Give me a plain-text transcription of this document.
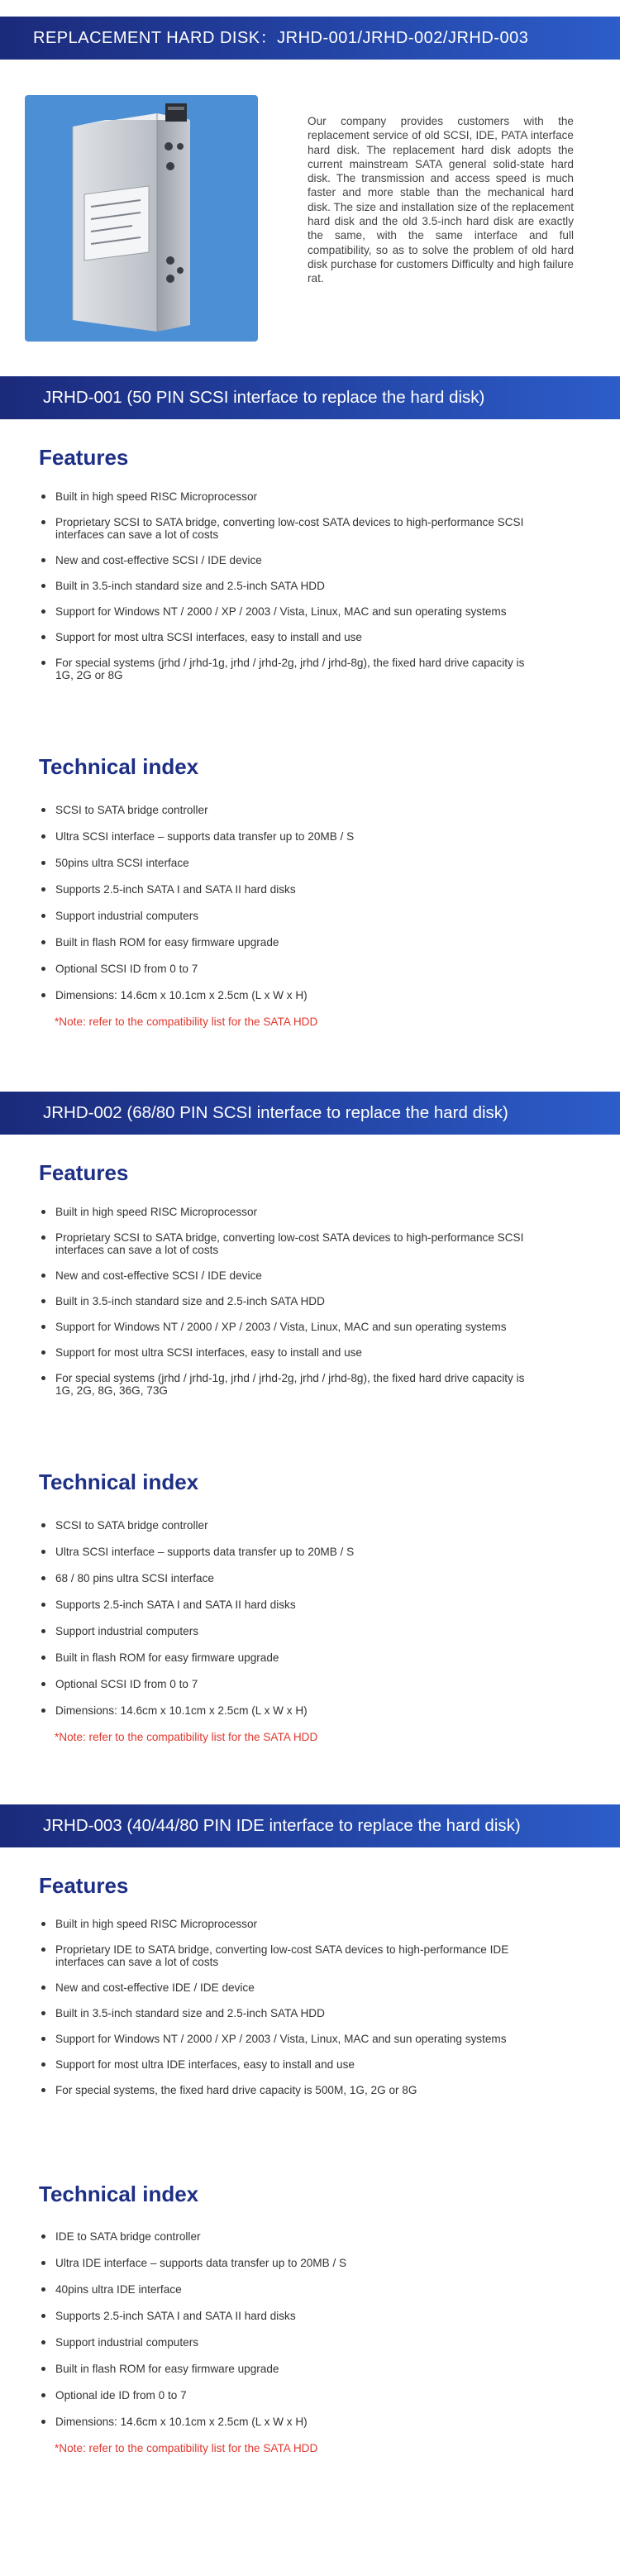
REPLACEMENT HARD DISK：JRHD-001/JRHD-002/JRHD-003

Our company provides customers with the replacement service of old SCSI, IDE, PATA interface hard disk. The replacement hard disk adopts the current mainstream SATA general solid-state hard disk. The transmission and access speed is much faster and more stable than the mechanical hard disk. The size and installation size of the replacement hard disk and the old 3.5-inch hard disk are exactly the same, with the same interface and full compatibility, so as to solve the problem of old hard disk purchase for customers Difficulty and high failure rat.

JRHD-001 (50 PIN SCSI interface to replace the hard disk)
Features
Built in high speed RISC Microprocessor
Proprietary SCSI to SATA bridge, converting low-cost SATA devices to high-performance SCSI interfaces can save a lot of costs
New and cost-effective SCSI / IDE device
Built in 3.5-inch standard size and 2.5-inch SATA HDD
Support for Windows NT / 2000 / XP / 2003 / Vista, Linux, MAC and sun operating systems
Support for most ultra SCSI interfaces, easy to install and use
For special systems (jrhd / jrhd-1g, jrhd / jrhd-2g, jrhd / jrhd-8g), the fixed hard drive capacity is 1G, 2G or 8G
Technical index
SCSI to SATA bridge controller
Ultra SCSI interface – supports data transfer up to 20MB / S
50pins ultra SCSI interface
Supports 2.5-inch SATA I and SATA II hard disks
Support industrial computers
Built in flash ROM for easy firmware upgrade
Optional SCSI ID from 0 to 7
Dimensions: 14.6cm x 10.1cm x 2.5cm (L x W x H)
*Note: refer to the compatibility list for the SATA HDD
JRHD-002 (68/80 PIN SCSI interface to replace the hard disk)
Features
Built in high speed RISC Microprocessor
Proprietary SCSI to SATA bridge, converting low-cost SATA devices to high-performance SCSI interfaces can save a lot of costs
New and cost-effective SCSI / IDE device
Built in 3.5-inch standard size and 2.5-inch SATA HDD
Support for Windows NT / 2000 / XP / 2003 / Vista, Linux, MAC and sun operating systems
Support for most ultra SCSI interfaces, easy to install and use
For special systems (jrhd / jrhd-1g, jrhd / jrhd-2g, jrhd / jrhd-8g), the fixed hard drive capacity is 1G, 2G, 8G, 36G, 73G
Technical index
SCSI to SATA bridge controller
Ultra SCSI interface – supports data transfer up to 20MB / S
68 / 80 pins ultra SCSI interface
Supports 2.5-inch SATA I and SATA II hard disks
Support industrial computers
Built in flash ROM for easy firmware upgrade
Optional SCSI ID from 0 to 7
Dimensions: 14.6cm x 10.1cm x 2.5cm (L x W x H)
*Note: refer to the compatibility list for the SATA HDD
JRHD-003 (40/44/80 PIN IDE interface to replace the hard disk)
Features
Built in high speed RISC Microprocessor
Proprietary IDE to SATA bridge, converting low-cost SATA devices to high-performance IDE interfaces can save a lot of costs
New and cost-effective IDE / IDE device
Built in 3.5-inch standard size and 2.5-inch SATA HDD
Support for Windows NT / 2000 / XP / 2003 / Vista, Linux, MAC and sun operating systems
Support for most ultra IDE interfaces, easy to install and use
For special systems, the fixed hard drive capacity is 500M, 1G, 2G or 8G
Technical index
IDE to SATA bridge controller
Ultra IDE interface – supports data transfer up to 20MB / S
40pins ultra IDE interface
Supports 2.5-inch SATA I and SATA II hard disks
Support industrial computers
Built in flash ROM for easy firmware upgrade
Optional ide ID from 0 to 7
Dimensions: 14.6cm x 10.1cm x 2.5cm (L x W x H)
*Note: refer to the compatibility list for the SATA HDD
